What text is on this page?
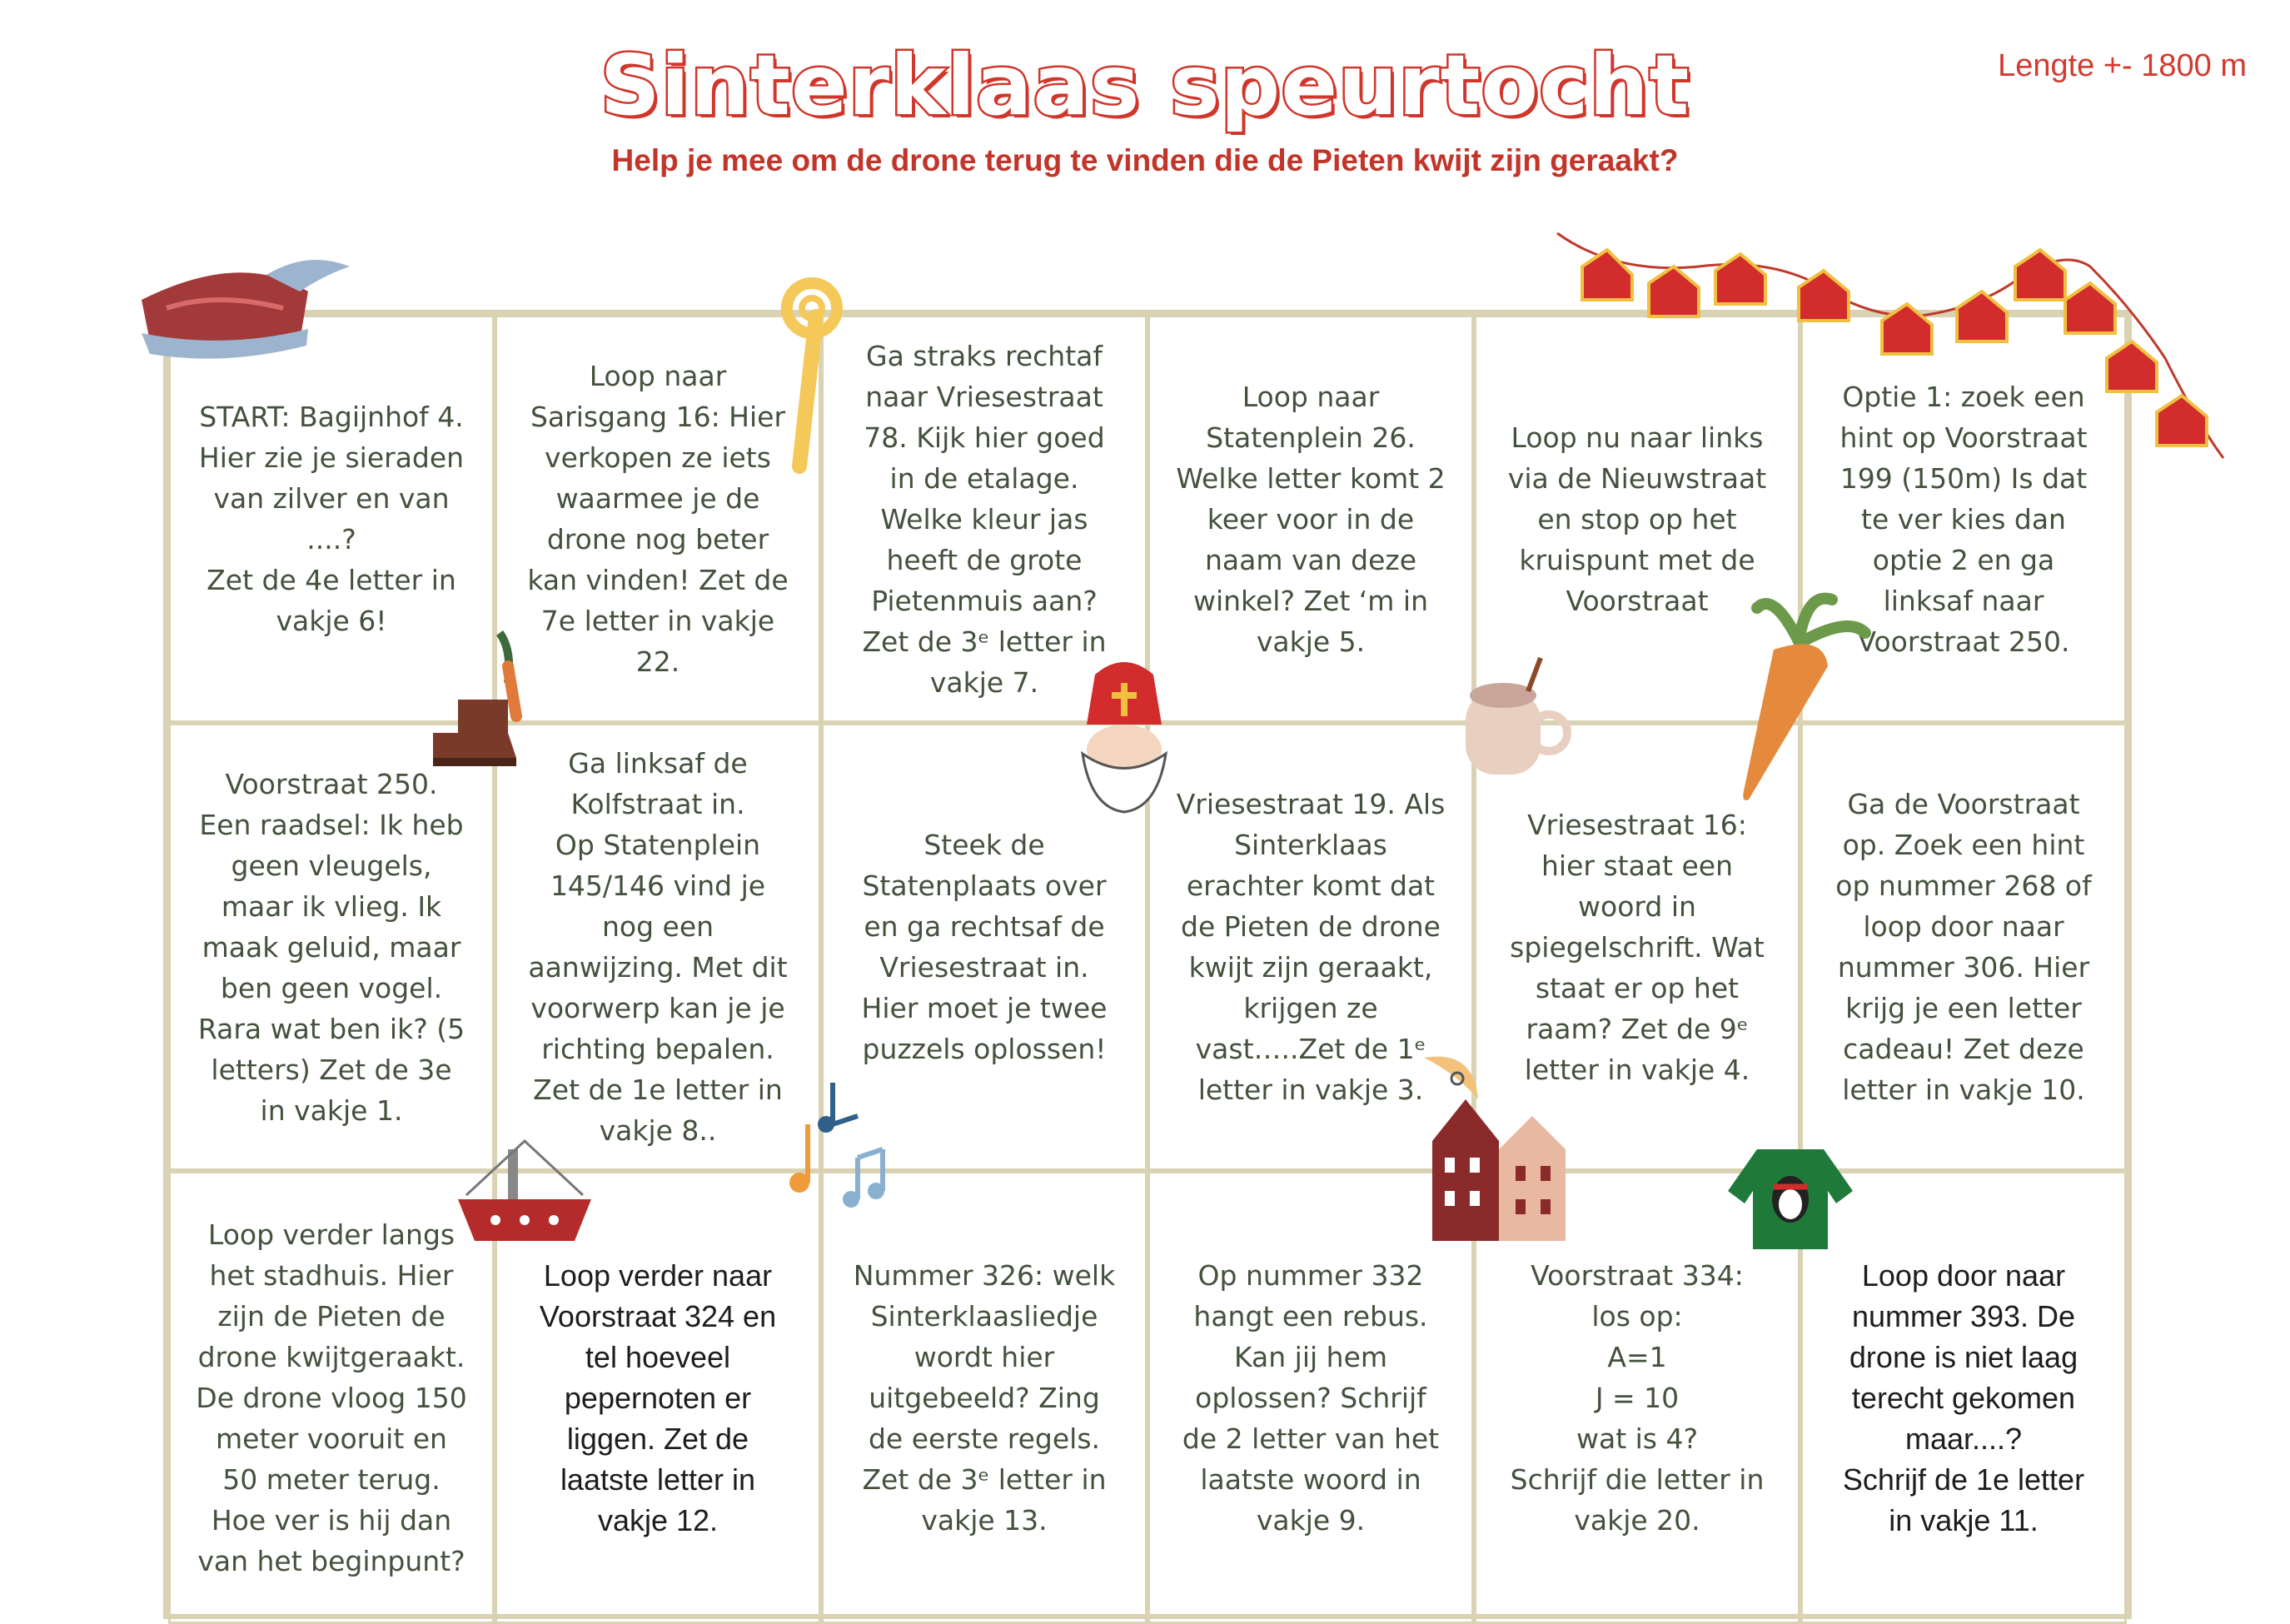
Sinterklaas speurtocht
Help je mee om de drone terug te vinden die de Pieten kwijt zijn geraakt?
Lengte +- 1800 m
START: Bagijnhof 4.
Hier zie je sieraden van zilver en van ....?
Zet de 4e letter in vakje 6!
Loop naar Sarisgang 16: Hier verkopen ze iets waarmee je de drone nog beter kan vinden! Zet de 7e letter in vakje 22.
Ga straks rechtaf naar Vriesestraat 78. Kijk hier goed in de etalage. Welke kleur jas heeft de grote Pietenmuis aan? Zet de 3ᵉ letter in vakje 7.
Loop naar Statenplein 26. Welke letter komt 2 keer voor in de naam van deze winkel? Zet ‘m in vakje 5.
Loop nu naar links via de Nieuwstraat en stop op het kruispunt met de Voorstraat
Optie 1: zoek een hint op Voorstraat 199 (150m) Is dat te ver kies dan optie 2 en ga linksaf naar Voorstraat 250.
Voorstraat 250.
Een raadsel: Ik heb geen vleugels, maar ik vlieg. Ik maak geluid, maar ben geen vogel. Rara wat ben ik? (5 letters) Zet de 3e in vakje 1.
Ga linksaf de Kolfstraat in.
Op Statenplein 145/146 vind je nog een aanwijzing. Met dit voorwerp kan je je richting bepalen. Zet de 1e letter in vakje 8..
Steek de Statenplaats over en ga rechtsaf de Vriesestraat in.
Hier moet je twee puzzels oplossen!
Vriesestraat 19. Als Sinterklaas erachter komt dat de Pieten de drone kwijt zijn geraakt, krijgen ze vast…..Zet de 1ᵉ letter in vakje 3.
Vriesestraat 16: hier staat een woord in spiegelschrift. Wat staat er op het raam? Zet de 9ᵉ letter in vakje 4.
Ga de Voorstraat op. Zoek een hint op nummer 268 of loop door naar nummer 306. Hier krijg je een letter cadeau! Zet deze letter in vakje 10.
Loop verder langs het stadhuis. Hier zijn de Pieten de drone kwijtgeraakt. De drone vloog 150 meter vooruit en 50 meter terug. Hoe ver is hij dan van het beginpunt?
Loop verder naar Voorstraat 324 en tel hoeveel pepernoten er liggen. Zet de laatste letter in vakje 12.
Nummer 326: welk Sinterklaasliedje wordt hier uitgebeeld? Zing de eerste regels. Zet de 3ᵉ letter in vakje 13.
Op nummer 332 hangt een rebus. Kan jij hem oplossen? Schrijf de 2 letter van het laatste woord in vakje 9.
Voorstraat 334:
los op:
A=1
J = 10
wat is 4?
Schrijf die letter in vakje 20.
Loop door naar nummer 393. De drone is niet laag terecht gekomen maar....?
Schrijf de 1e letter in vakje 11.
